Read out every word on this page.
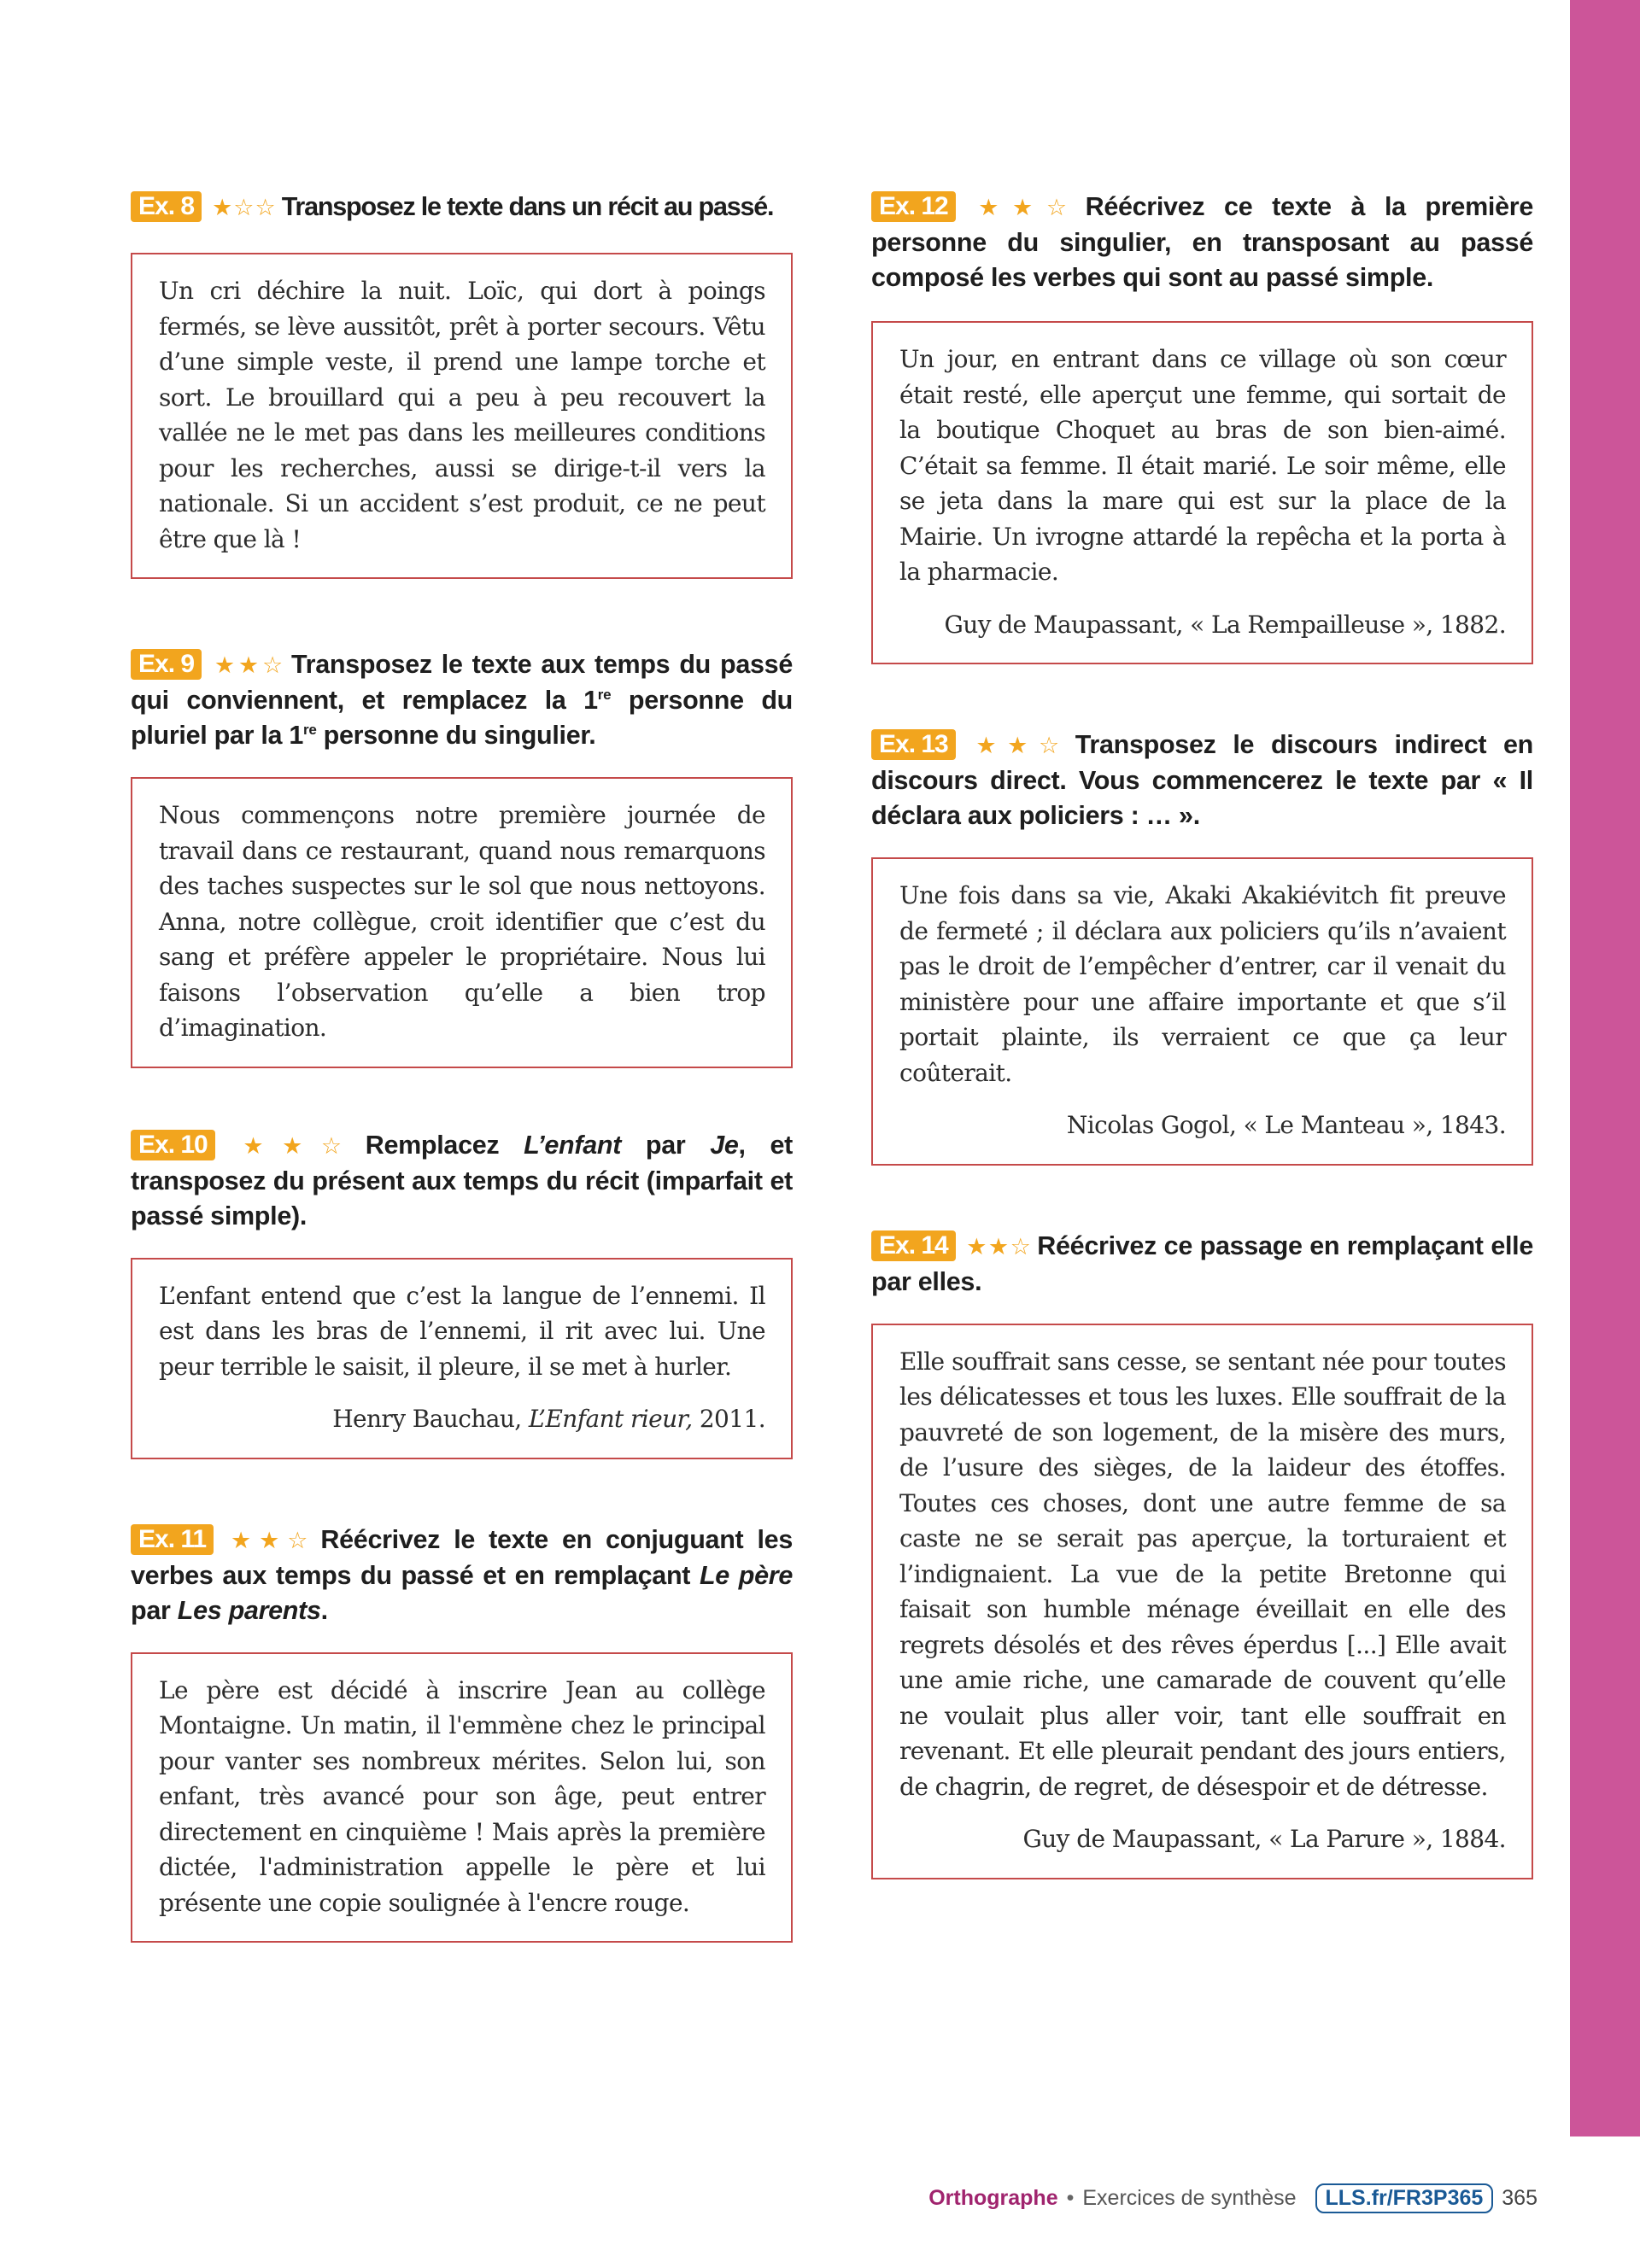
Ex. 8 ★☆☆ Transposez le texte dans un récit au passé.
Un cri déchire la nuit. Loïc, qui dort à poings fermés, se lève aussitôt, prêt à porter secours. Vêtu d’une simple veste, il prend une lampe torche et sort. Le brouillard qui a peu à peu recouvert la vallée ne le met pas dans les meilleures conditions pour les recherches, aussi se dirige-t-il vers la nationale. Si un accident s’est produit, ce ne peut être que là !
Ex. 9 ★★☆ Transposez le texte aux temps du passé qui conviennent, et remplacez la 1re personne du pluriel par la 1re personne du singulier.
Nous commençons notre première journée de travail dans ce restaurant, quand nous remarquons des taches suspectes sur le sol que nous nettoyons. Anna, notre collègue, croit identifier que c’est du sang et préfère appeler le propriétaire. Nous lui faisons l’observation qu’elle a bien trop d’imagination.
Ex. 10 ★★☆ Remplacez L’enfant par Je, et transposez du présent aux temps du récit (imparfait et passé simple).
L’enfant entend que c’est la langue de l’ennemi. Il est dans les bras de l’ennemi, il rit avec lui. Une peur terrible le saisit, il pleure, il se met à hurler.
Henry Bauchau, L’Enfant rieur, 2011.
Ex. 11 ★★☆ Réécrivez le texte en conjuguant les verbes aux temps du passé et en remplaçant Le père par Les parents.
Le père est décidé à inscrire Jean au collège Montaigne. Un matin, il l'emmène chez le principal pour vanter ses nombreux mérites. Selon lui, son enfant, très avancé pour son âge, peut entrer directement en cinquième ! Mais après la première dictée, l'administration appelle le père et lui présente une copie soulignée à l'encre rouge.
Ex. 12 ★★☆ Réécrivez ce texte à la première personne du singulier, en transposant au passé composé les verbes qui sont au passé simple.
Un jour, en entrant dans ce village où son cœur était resté, elle aperçut une femme, qui sortait de la boutique Choquet au bras de son bien-aimé. C’était sa femme. Il était marié. Le soir même, elle se jeta dans la mare qui est sur la place de la Mairie. Un ivrogne attardé la repêcha et la porta à la pharmacie.
Guy de Maupassant, « La Rempailleuse », 1882.
Ex. 13 ★★☆ Transposez le discours indirect en discours direct. Vous commencerez le texte par « Il déclara aux policiers : … ».
Une fois dans sa vie, Akaki Akakiévitch fit preuve de fermeté ; il déclara aux policiers qu’ils n’avaient pas le droit de l’empêcher d’entrer, car il venait du ministère pour une affaire importante et que s’il portait plainte, ils verraient ce que ça leur coûterait.
Nicolas Gogol, « Le Manteau », 1843.
Ex. 14 ★★☆ Réécrivez ce passage en remplaçant elle par elles.
Elle souffrait sans cesse, se sentant née pour toutes les délicatesses et tous les luxes. Elle souffrait de la pauvreté de son logement, de la misère des murs, de l’usure des sièges, de la laideur des étoffes. Toutes ces choses, dont une autre femme de sa caste ne se serait pas aperçue, la torturaient et l’indignaient. La vue de la petite Bretonne qui faisait son humble ménage éveillait en elle des regrets désolés et des rêves éperdus [...] Elle avait une amie riche, une camarade de couvent qu’elle ne voulait plus aller voir, tant elle souffrait en revenant. Et elle pleurait pendant des jours entiers, de chagrin, de regret, de désespoir et de détresse.
Guy de Maupassant, « La Parure », 1884.
Orthographe • Exercices de synthèse	LLS.fr/FR3P365 365
